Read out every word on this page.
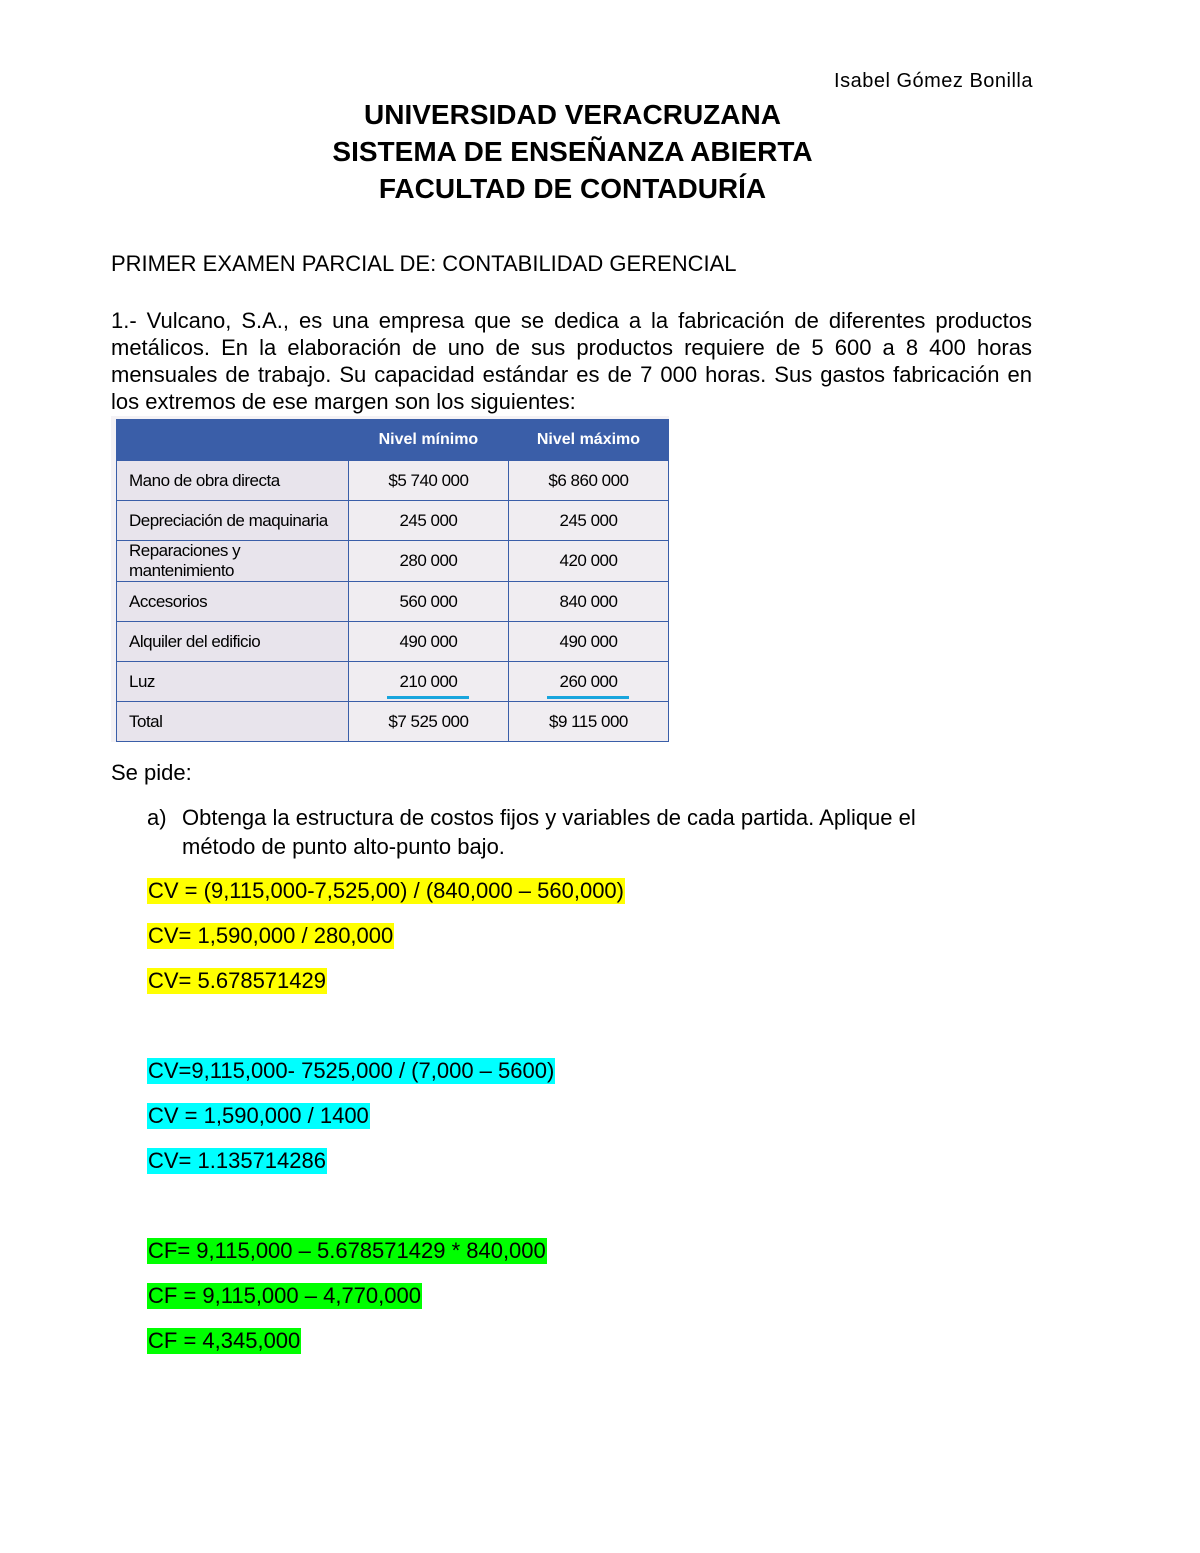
Isabel Gómez Bonilla
UNIVERSIDAD VERACRUZANA
SISTEMA DE ENSEÑANZA ABIERTA
FACULTAD DE CONTADURÍA
PRIMER EXAMEN PARCIAL DE: CONTABILIDAD GERENCIAL
1.- Vulcano, S.A., es una empresa que se dedica a la fabricación de diferentes productos metálicos. En la elaboración de uno de sus productos requiere de 5 600 a 8 400 horas mensuales de trabajo. Su capacidad estándar es de 7 000 horas. Sus gastos fabricación en los extremos de ese margen son los siguientes:
	Nivel mínimo	Nivel máximo
Mano de obra directa	$5 740 000	$6 860 000
Depreciación de maquinaria	245 000	245 000
Reparaciones y mantenimiento	280 000	420 000
Accesorios	560 000	840 000
Alquiler del edificio	490 000	490 000
Luz	210 000	260 000

Total	$7 525 000	$9 115 000
Se pide:
a) Obtenga la estructura de costos fijos y variables de cada partida. Aplique el método de punto alto-punto bajo.
CV = (9,115,000-7,525,00) / (840,000 – 560,000)
CV= 1,590,000 / 280,000
CV= 5.678571429
CV=9,115,000- 7525,000 / (7,000 – 5600)
CV = 1,590,000 / 1400
CV= 1.135714286
CF= 9,115,000 – 5.678571429 * 840,000
CF = 9,115,000 – 4,770,000
CF = 4,345,000
